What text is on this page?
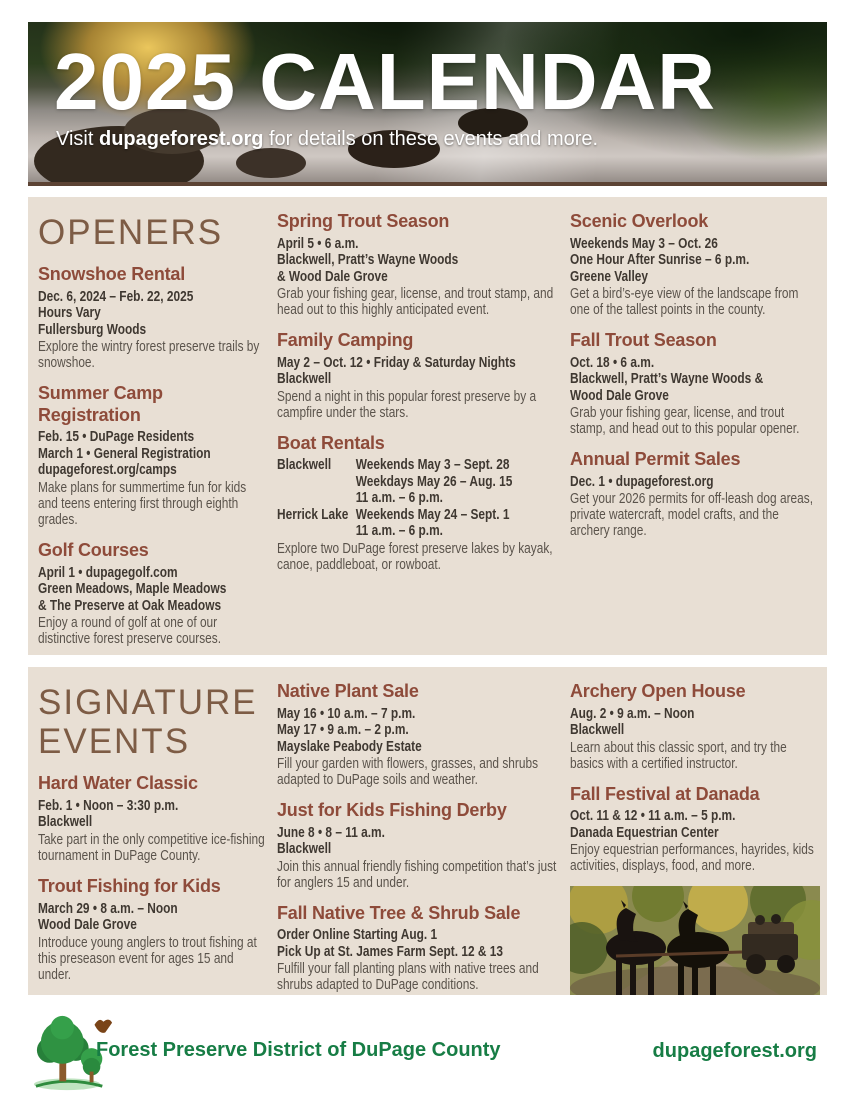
2025 CALENDAR

Visit dupageforest.org for details on these events and more.

OPENERS
Snowshoe Rental
Dec. 6, 2024 – Feb. 22, 2025
Hours Vary
Fullersburg Woods
Explore the wintry forest preserve trails by snowshoe.
Summer Camp Registration
Feb. 15 • DuPage Residents
March 1 • General Registration
dupageforest.org/camps
Make plans for summertime fun for kids and teens entering first through eighth grades.
Golf Courses
April 1 • dupagegolf.com
Green Meadows, Maple Meadows
& The Preserve at Oak Meadows
Enjoy a round of golf at one of our distinctive forest preserve courses.
Spring Trout Season
April 5 • 6 a.m.
Blackwell, Pratt’s Wayne Woods
& Wood Dale Grove
Grab your fishing gear, license, and trout stamp, and head out to this highly anticipated event.
Family Camping
May 2 – Oct. 12 • Friday & Saturday Nights
Blackwell
Spend a night in this popular forest preserve by a campfire under the stars.
Boat Rentals
Blackwell	Weekends May 3 – Sept. 28
Weekdays May 26 – Aug. 15
11 a.m. – 6 p.m.
Herrick Lake Weekends May 24 – Sept. 1
11 a.m. – 6 p.m.
Explore two DuPage forest preserve lakes by kayak, canoe, paddleboat, or rowboat.
Scenic Overlook
Weekends May 3 – Oct. 26
One Hour After Sunrise – 6 p.m.
Greene Valley
Get a bird’s-eye view of the landscape from one of the tallest points in the county.
Fall Trout Season
Oct. 18 • 6 a.m.
Blackwell, Pratt’s Wayne Woods &
Wood Dale Grove
Grab your fishing gear, license, and trout stamp, and head out to this popular opener.
Annual Permit Sales
Dec. 1 • dupageforest.org
Get your 2026 permits for off-leash dog areas, private watercraft, model crafts, and the archery range.
SIGNATURE EVENTS
Hard Water Classic
Feb. 1 • Noon – 3:30 p.m.
Blackwell
Take part in the only competitive ice-fishing tournament in DuPage County.
Trout Fishing for Kids
March 29 • 8 a.m. – Noon
Wood Dale Grove
Introduce young anglers to trout fishing at this preseason event for ages 15 and under.
Native Plant Sale
May 16 • 10 a.m. – 7 p.m.
May 17 • 9 a.m. – 2 p.m.
Mayslake Peabody Estate
Fill your garden with flowers, grasses, and shrubs adapted to DuPage soils and weather.
Just for Kids Fishing Derby
June 8 • 8 – 11 a.m.
Blackwell
Join this annual friendly fishing competition that’s just for anglers 15 and under.
Fall Native Tree & Shrub Sale
Order Online Starting Aug. 1
Pick Up at St. James Farm Sept. 12 & 13
Fulfill your fall planting plans with native trees and shrubs adapted to DuPage conditions.
Archery Open House
Aug. 2 • 9 a.m. – Noon
Blackwell
Learn about this classic sport, and try the basics with a certified instructor.
Fall Festival at Danada
Oct. 11 & 12 • 11 a.m. – 5 p.m.
Danada Equestrian Center
Enjoy equestrian performances, hayrides, kids activities, displays, food, and more.
Forest Preserve District of DuPage County	dupageforest.org
